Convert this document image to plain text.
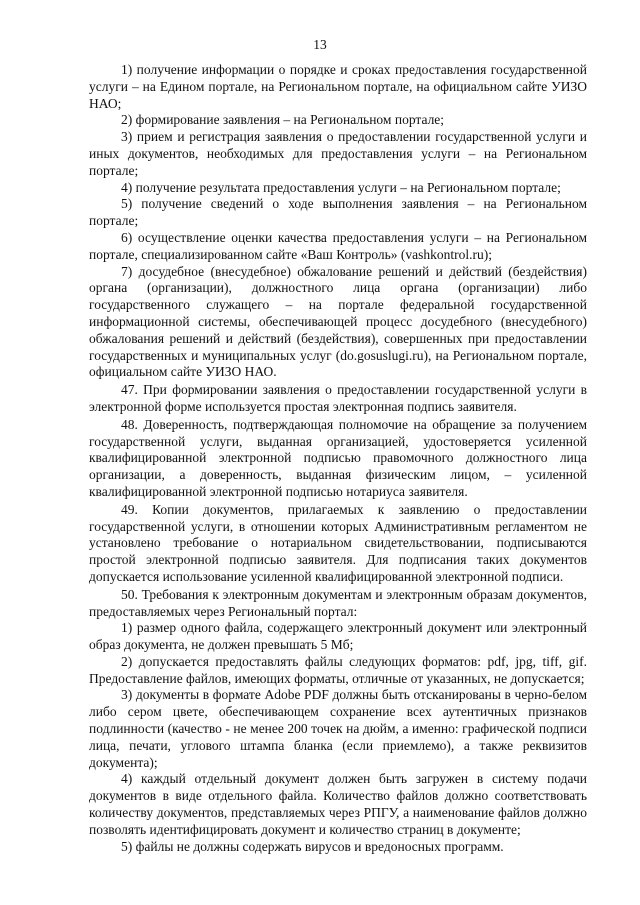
13

1) получение информации о порядке и сроках предоставления государственной услуги – на Едином портале, на Региональном портале, на официальном сайте УИЗО НАО;

2) формирование заявления – на Региональном портале;

3) прием и регистрация заявления о предоставлении государственной услуги и иных документов, необходимых для предоставления услуги – на Региональном портале;

4) получение результата предоставления услуги – на Региональном портале;

5) получение сведений о ходе выполнения заявления – на Региональном портале;

6) осуществление оценки качества предоставления услуги – на Региональном портале, специализированном сайте «Ваш Контроль» (vashkontrol.ru);

7) досудебное (внесудебное) обжалование решений и действий (бездействия) органа (организации), должностного лица органа (организации) либо государственного служащего – на портале федеральной государственной информационной системы, обеспечивающей процесс досудебного (внесудебного) обжалования решений и действий (бездействия), совершенных при предоставлении государственных и муниципальных услуг (do.gosuslugi.ru), на Региональном портале, официальном сайте УИЗО НАО.

47. При формировании заявления о предоставлении государственной услуги в электронной форме используется простая электронная подпись заявителя.

48. Доверенность, подтверждающая полномочие на обращение за получением государственной услуги, выданная организацией, удостоверяется усиленной квалифицированной электронной подписью правомочного должностного лица организации, а доверенность, выданная физическим лицом, – усиленной квалифицированной электронной подписью нотариуса заявителя.

49. Копии документов, прилагаемых к заявлению о предоставлении государственной услуги, в отношении которых Административным регламентом не установлено требование о нотариальном свидетельствовании, подписываются простой электронной подписью заявителя. Для подписания таких документов допускается использование усиленной квалифицированной электронной подписи.

50. Требования к электронным документам и электронным образам документов, предоставляемых через Региональный портал:

1) размер одного файла, содержащего электронный документ или электронный образ документа, не должен превышать 5 Мб;

2) допускается предоставлять файлы следующих форматов: pdf, jpg, tiff, gif. Предоставление файлов, имеющих форматы, отличные от указанных, не допускается;

3) документы в формате Adobe PDF должны быть отсканированы в черно-белом либо сером цвете, обеспечивающем сохранение всех аутентичных признаков подлинности (качество - не менее 200 точек на дюйм, а именно: графической подписи лица, печати, углового штампа бланка (если приемлемо), а также реквизитов документа);

4) каждый отдельный документ должен быть загружен в систему подачи документов в виде отдельного файла. Количество файлов должно соответствовать количеству документов, представляемых через РПГУ, а наименование файлов должно позволять идентифицировать документ и количество страниц в документе;

5) файлы не должны содержать вирусов и вредоносных программ.
